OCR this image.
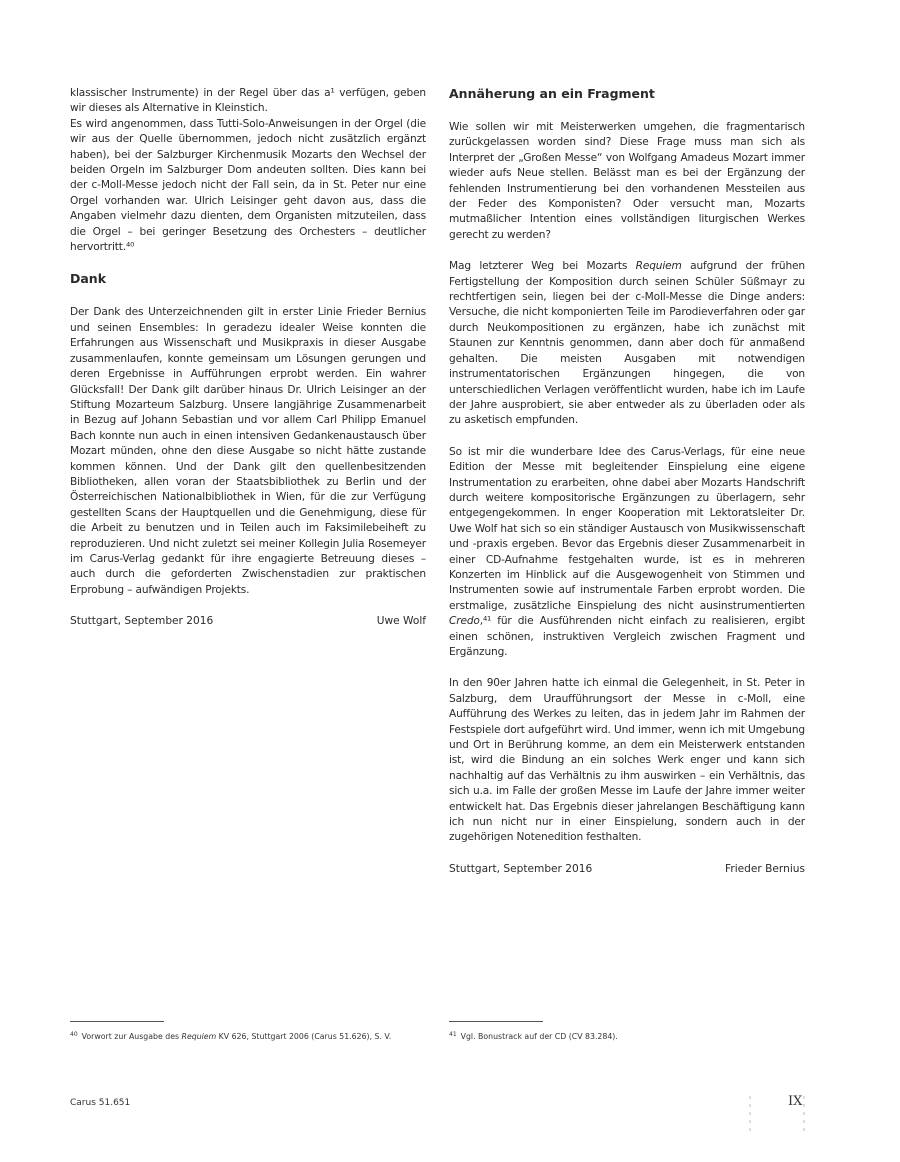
klassischer Instrumente) in der Regel über das a¹ verfügen, geben wir dieses als Alternative in Kleinstich.

Es wird angenommen, dass Tutti-Solo-Anweisungen in der Orgel (die wir aus der Quelle übernommen, jedoch nicht zusätzlich ergänzt haben), bei der Salzburger Kirchenmusik Mozarts den Wechsel der beiden Orgeln im Salzburger Dom andeuten sollten. Dies kann bei der c-Moll-Messe jedoch nicht der Fall sein, da in St. Peter nur eine Orgel vorhanden war. Ulrich Leisinger geht davon aus, dass die Angaben vielmehr dazu dienten, dem Organisten mitzuteilen, dass die Orgel – bei geringer Besetzung des Orchesters – deutlicher hervortritt.⁴⁰

Dank

Der Dank des Unterzeichnenden gilt in erster Linie Frieder Bernius und seinen Ensembles: In geradezu idealer Weise konnten die Erfahrungen aus Wissenschaft und Musikpraxis in dieser Ausgabe zusammenlaufen, konnte gemeinsam um Lösungen gerungen und deren Ergebnisse in Aufführungen erprobt werden. Ein wahrer Glücksfall! Der Dank gilt darüber hinaus Dr. Ulrich Leisinger an der Stiftung Mozarteum Salzburg. Unsere langjährige Zusammenarbeit in Bezug auf Johann Sebastian und vor allem Carl Philipp Emanuel Bach konnte nun auch in einen intensiven Gedankenaustausch über Mozart münden, ohne den diese Ausgabe so nicht hätte zustande kommen können. Und der Dank gilt den quellenbesitzenden Bibliotheken, allen voran der Staatsbibliothek zu Berlin und der Österreichischen Nationalbibliothek in Wien, für die zur Verfügung gestellten Scans der Hauptquellen und die Genehmigung, diese für die Arbeit zu benutzen und in Teilen auch im Faksimilebeiheft zu reproduzieren. Und nicht zuletzt sei meiner Kollegin Julia Rosemeyer im Carus-Verlag gedankt für ihre engagierte Betreuung dieses – auch durch die geforderten Zwischenstadien zur praktischen Erprobung – aufwändigen Projekts.

Stuttgart, September 2016	Uwe Wolf
Annäherung an ein Fragment

Wie sollen wir mit Meisterwerken umgehen, die fragmentarisch zurückgelassen worden sind? Diese Frage muss man sich als Interpret der „Großen Messe“ von Wolfgang Amadeus Mozart immer wieder aufs Neue stellen. Belässt man es bei der Ergänzung der fehlenden Instrumentierung bei den vorhandenen Messteilen aus der Feder des Komponisten? Oder versucht man, Mozarts mutmaßlicher Intention eines vollständigen liturgischen Werkes gerecht zu werden?

Mag letzterer Weg bei Mozarts Requiem aufgrund der frühen Fertigstellung der Komposition durch seinen Schüler Süßmayr zu rechtfertigen sein, liegen bei der c-Moll-Messe die Dinge anders: Versuche, die nicht komponierten Teile im Parodieverfahren oder gar durch Neukompositionen zu ergänzen, habe ich zunächst mit Staunen zur Kenntnis genommen, dann aber doch für anmaßend gehalten. Die meisten Ausgaben mit notwendigen instrumentatorischen Ergänzungen hingegen, die von unterschiedlichen Verlagen veröffentlicht wurden, habe ich im Laufe der Jahre ausprobiert, sie aber entweder als zu überladen oder als zu asketisch empfunden.

So ist mir die wunderbare Idee des Carus-Verlags, für eine neue Edition der Messe mit begleitender Einspielung eine eigene Instrumentation zu erarbeiten, ohne dabei aber Mozarts Handschrift durch weitere kompositorische Ergänzungen zu überlagern, sehr entgegengekommen. In enger Kooperation mit Lektoratsleiter Dr. Uwe Wolf hat sich so ein ständiger Austausch von Musikwissenschaft und -praxis ergeben. Bevor das Ergebnis dieser Zusammenarbeit in einer CD-Aufnahme festgehalten wurde, ist es in mehreren Konzerten im Hinblick auf die Ausgewogenheit von Stimmen und Instrumenten sowie auf instrumentale Farben erprobt worden. Die erstmalige, zusätzliche Einspielung des nicht ausinstrumentierten Credo,⁴¹ für die Ausführenden nicht einfach zu realisieren, ergibt einen schönen, instruktiven Vergleich zwischen Fragment und Ergänzung.

In den 90er Jahren hatte ich einmal die Gelegenheit, in St. Peter in Salzburg, dem Uraufführungsort der Messe in c-Moll, eine Aufführung des Werkes zu leiten, das in jedem Jahr im Rahmen der Festspiele dort aufgeführt wird. Und immer, wenn ich mit Umgebung und Ort in Berührung komme, an dem ein Meisterwerk entstanden ist, wird die Bindung an ein solches Werk enger und kann sich nachhaltig auf das Verhältnis zu ihm auswirken – ein Verhältnis, das sich u.a. im Falle der großen Messe im Laufe der Jahre immer weiter entwickelt hat. Das Ergebnis dieser jahrelangen Beschäftigung kann ich nun nicht nur in einer Einspielung, sondern auch in der zugehörigen Notenedition festhalten.

Stuttgart, September 2016	Frieder Bernius
$^{40}$ Vorwort zur Ausgabe des Requiem KV 626, Stuttgart 2006 (Carus 51.626), S. V.	$^{41}$ Vgl. Bonustrack auf der CD (CV 83.284).
Carus 51.651	IX
